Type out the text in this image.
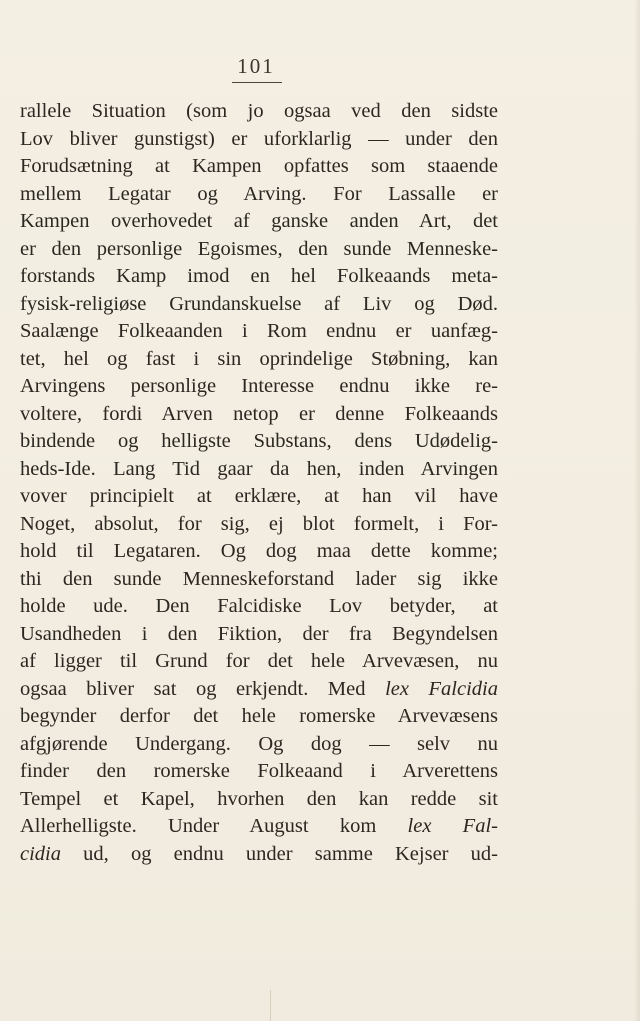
101
rallele Situation (som jo ogsaa ved den sidste
Lov bliver gunstigst) er uforklarlig — under den
Forudsætning at Kampen opfattes som staaende
mellem Legatar og Arving. For Lassalle er
Kampen overhovedet af ganske anden Art, det
er den personlige Egoismes, den sunde Menneske-
forstands Kamp imod en hel Folkeaands meta-
fysisk-religiøse Grundanskuelse af Liv og Død.
Saalænge Folkeaanden i Rom endnu er uanfæg-
tet, hel og fast i sin oprindelige Støbning, kan
Arvingens personlige Interesse endnu ikke re-
voltere, fordi Arven netop er denne Folkeaands
bindende og helligste Substans, dens Udødelig-
heds-Ide. Lang Tid gaar da hen, inden Arvingen
vover principielt at erklære, at han vil have
Noget, absolut, for sig, ej blot formelt, i For-
hold til Legataren. Og dog maa dette komme;
thi den sunde Menneskeforstand lader sig ikke
holde ude. Den Falcidiske Lov betyder, at
Usandheden i den Fiktion, der fra Begyndelsen
af ligger til Grund for det hele Arvevæsen, nu
ogsaa bliver sat og erkjendt. Med lex Falcidia
begynder derfor det hele romerske Arvevæsens
afgjørende Undergang. Og dog — selv nu
finder den romerske Folkeaand i Arverettens
Tempel et Kapel, hvorhen den kan redde sit
Allerhelligste. Under August kom lex Fal-
cidia ud, og endnu under samme Kejser ud-
